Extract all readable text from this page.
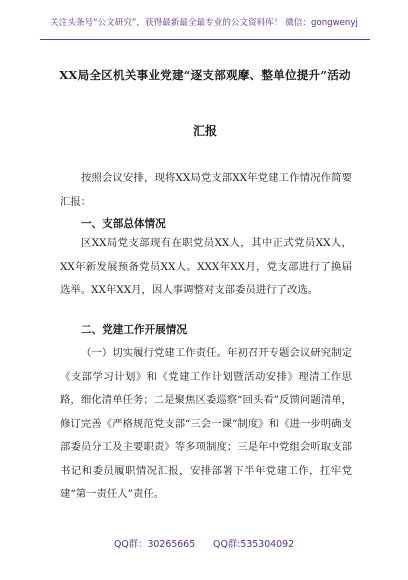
关注头条号“公文研究”，获得最新最全最专业的公文资料库！ 微信：gongwenyj
XX局全区机关事业党建“逐支部观摩、整单位提升”活动
汇报

按照会议安排，现将XX局党支部XX年党建工作情况作简要汇报：

一、支部总体情况

区XX局党支部现有在职党员XX人，其中正式党员XX人，XX年新发展预备党员XX人。XXX年XX月，党支部进行了换届选举。XX年XX月，因人事调整对支部委员进行了改选。

二、党建工作开展情况

（一）切实履行党建工作责任。年初召开专题会议研究制定《支部学习计划》和《党建工作计划暨活动安排》理清工作思路，细化清单任务；二是聚焦区委巡察“回头看”反馈问题清单，修订完善《严格规范党支部“三会一课”制度》和《进一步明确支部委员分工及主要职责》等多项制度；三是年中党组会听取支部书记和委员履职情况汇报，安排部署下半年党建工作，扛牢党建“第一责任人”责任。

QQ群：30265665      QQ群:535304092
